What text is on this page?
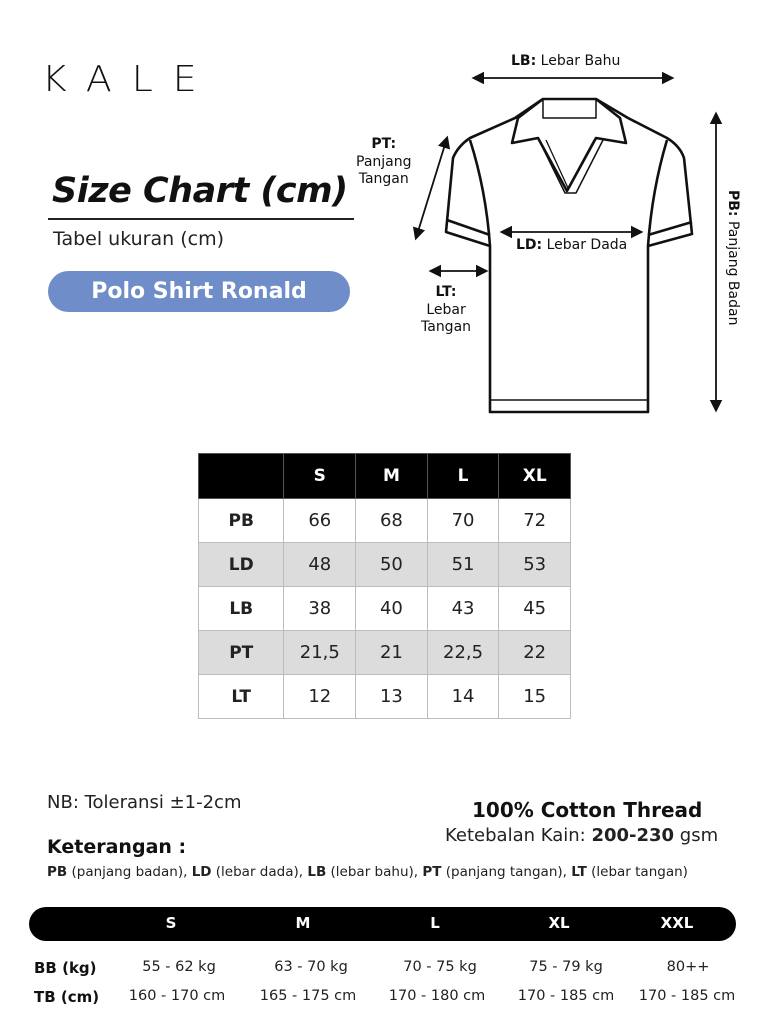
KALE
Size Chart (cm)
Tabel ukuran (cm)
Polo Shirt Ronald
LB: Lebar Bahu
PT:
Panjang
Tangan
LD: Lebar Dada
LT:
Lebar
Tangan
PB: Panjang Badan
	S	M	L	XL
PB	66	68	70	72
LD	48	50	51	53
LB	38	40	43	45
PT	21,5	21	22,5	22
LT	12	13	14	15
NB: Toleransi ±1-2cm	100% Cotton Thread
Ketebalan Kain: 200-230 gsm
Keterangan :
PB (panjang badan), LD (lebar dada), LB (lebar bahu), PT (panjang tangan), LT (lebar tangan)
S	M	L	XL	XXL
BB (kg)	55 - 62 kg	63 - 70 kg	70 - 75 kg	75 - 79 kg	80++
TB (cm) 160 - 170 cm 165 - 175 cm 170 - 180 cm 170 - 185 cm 170 - 185 cm
